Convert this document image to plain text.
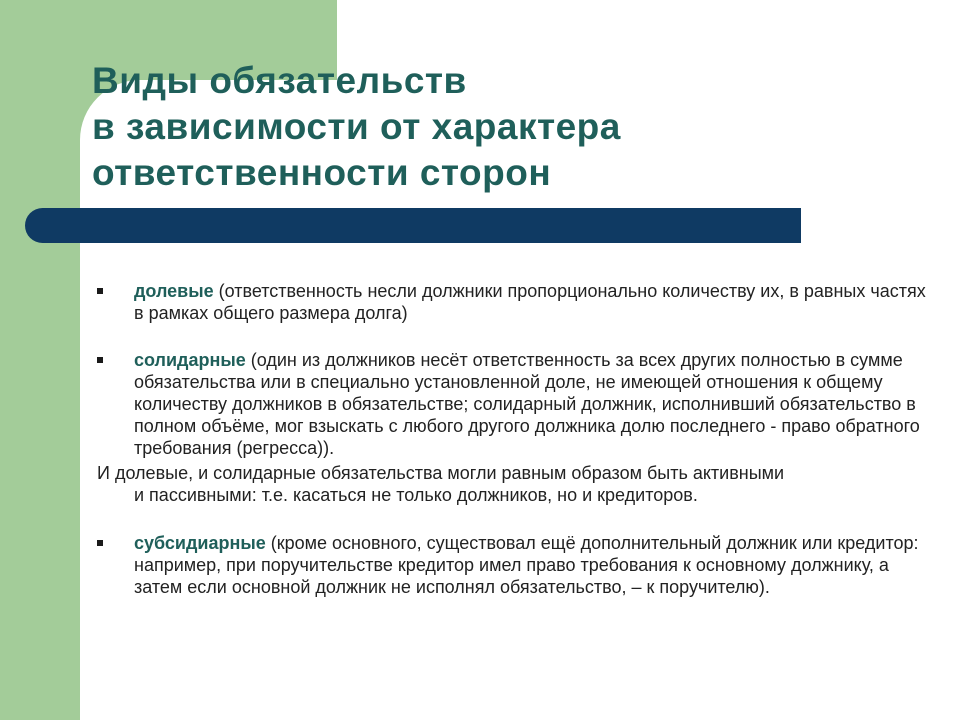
Виды обязательств
в зависимости от характера
ответственности сторон
долевые (ответственность несли должники пропорционально количеству их, в равных частях в рамках общего размера долга)
солидарные (один из должников несёт ответственность за всех других полностью в сумме обязательства или в специально установленной доле, не имеющей отношения к общему количеству должников в обязательстве; солидарный должник, исполнивший обязательство в полном объёме, мог взыскать с любого другого должника долю последнего - право обратного требования (регресса)).
И долевые, и солидарные обязательства могли равным образом быть активными
и пассивными: т.е. касаться не только должников, но и кредиторов.
субсидиарные (кроме основного, существовал ещё дополнительный должник или кредитор: например, при поручительстве кредитор имел право требования к основному должнику, а затем если основной должник не исполнял обязательство, – к поручителю).
